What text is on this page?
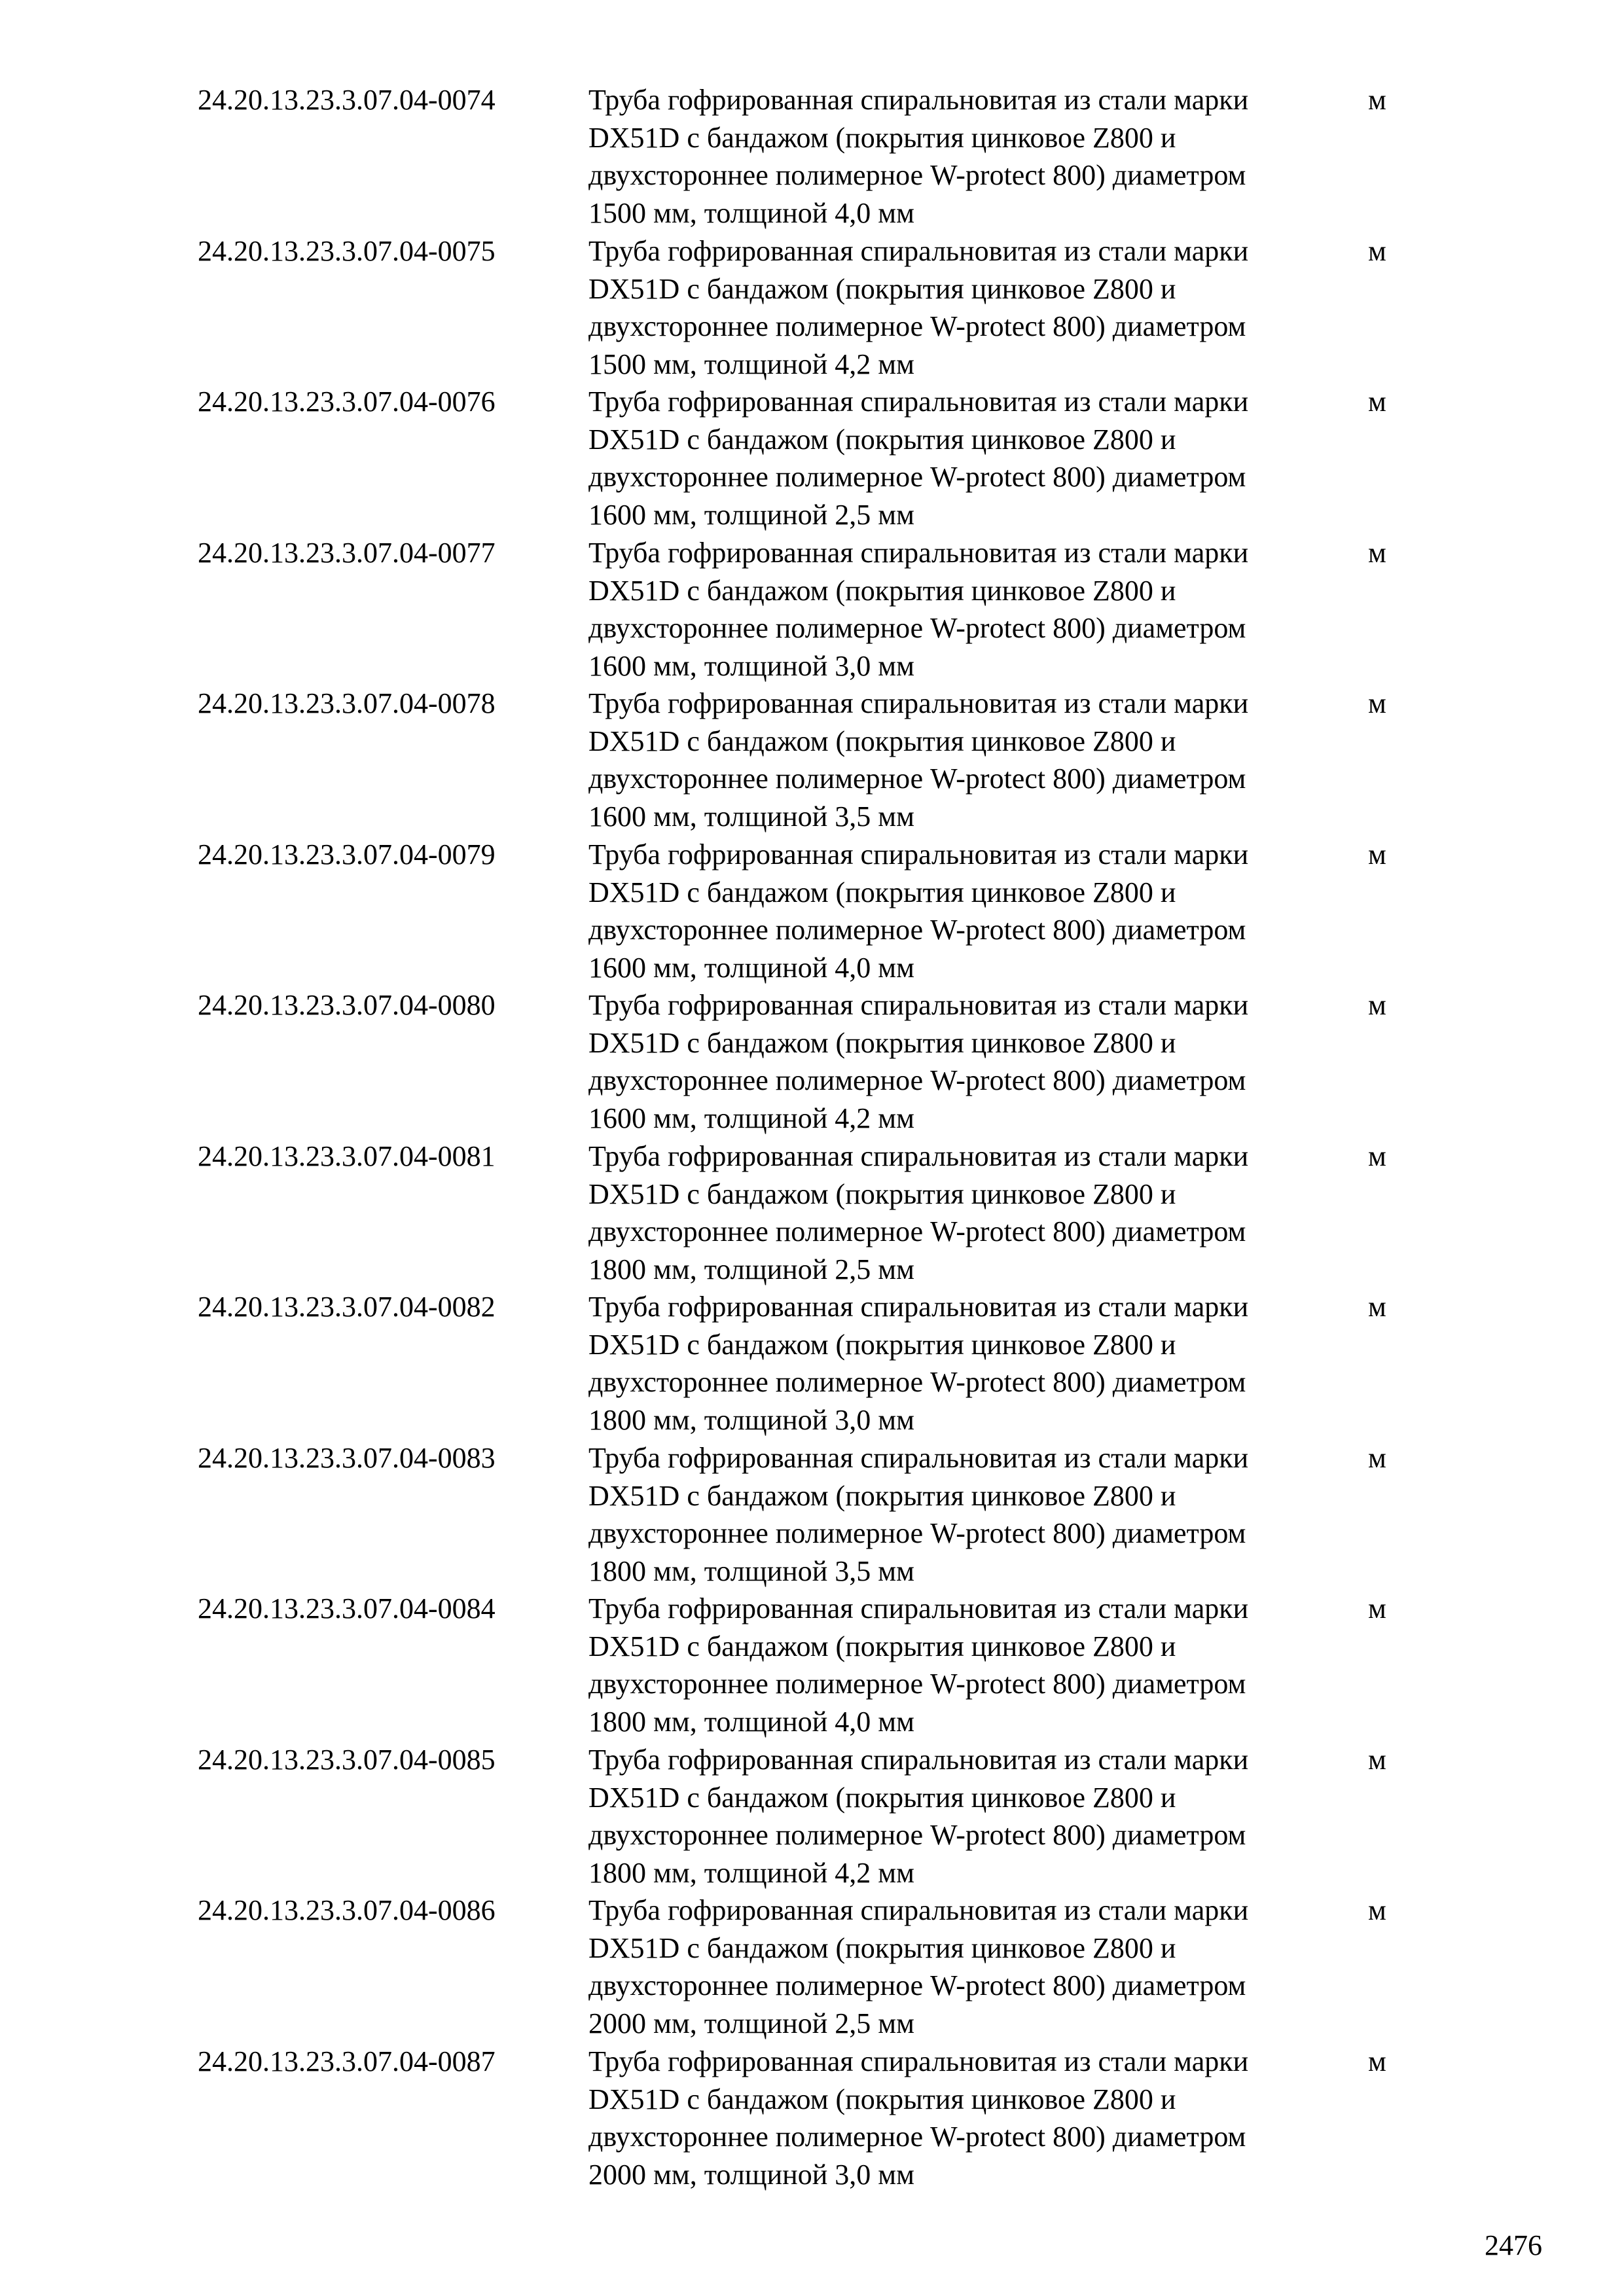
24.20.13.23.3.07.04-0074	Труба гофрированная спиральновитая из стали марки
DX51D с бандажом (покрытия цинковое Z800 и
двухстороннее полимерное W-protect 800) диаметром
1500 мм, толщиной 4,0 мм
м
24.20.13.23.3.07.04-0075	Труба гофрированная спиральновитая из стали марки
DX51D с бандажом (покрытия цинковое Z800 и
двухстороннее полимерное W-protect 800) диаметром
1500 мм, толщиной 4,2 мм
м
24.20.13.23.3.07.04-0076	Труба гофрированная спиральновитая из стали марки
DX51D с бандажом (покрытия цинковое Z800 и
двухстороннее полимерное W-protect 800) диаметром
1600 мм, толщиной 2,5 мм
м
24.20.13.23.3.07.04-0077	Труба гофрированная спиральновитая из стали марки
DX51D с бандажом (покрытия цинковое Z800 и
двухстороннее полимерное W-protect 800) диаметром
1600 мм, толщиной 3,0 мм
м
24.20.13.23.3.07.04-0078	Труба гофрированная спиральновитая из стали марки
DX51D с бандажом (покрытия цинковое Z800 и
двухстороннее полимерное W-protect 800) диаметром
1600 мм, толщиной 3,5 мм
м
24.20.13.23.3.07.04-0079	Труба гофрированная спиральновитая из стали марки
DX51D с бандажом (покрытия цинковое Z800 и
двухстороннее полимерное W-protect 800) диаметром
1600 мм, толщиной 4,0 мм
м
24.20.13.23.3.07.04-0080	Труба гофрированная спиральновитая из стали марки
DX51D с бандажом (покрытия цинковое Z800 и
двухстороннее полимерное W-protect 800) диаметром
1600 мм, толщиной 4,2 мм
м
24.20.13.23.3.07.04-0081	Труба гофрированная спиральновитая из стали марки
DX51D с бандажом (покрытия цинковое Z800 и
двухстороннее полимерное W-protect 800) диаметром
1800 мм, толщиной 2,5 мм
м
24.20.13.23.3.07.04-0082	Труба гофрированная спиральновитая из стали марки
DX51D с бандажом (покрытия цинковое Z800 и
двухстороннее полимерное W-protect 800) диаметром
1800 мм, толщиной 3,0 мм
м
24.20.13.23.3.07.04-0083	Труба гофрированная спиральновитая из стали марки
DX51D с бандажом (покрытия цинковое Z800 и
двухстороннее полимерное W-protect 800) диаметром
1800 мм, толщиной 3,5 мм
м
24.20.13.23.3.07.04-0084	Труба гофрированная спиральновитая из стали марки
DX51D с бандажом (покрытия цинковое Z800 и
двухстороннее полимерное W-protect 800) диаметром
1800 мм, толщиной 4,0 мм
м
24.20.13.23.3.07.04-0085	Труба гофрированная спиральновитая из стали марки
DX51D с бандажом (покрытия цинковое Z800 и
двухстороннее полимерное W-protect 800) диаметром
1800 мм, толщиной 4,2 мм
м
24.20.13.23.3.07.04-0086	Труба гофрированная спиральновитая из стали марки
DX51D с бандажом (покрытия цинковое Z800 и
двухстороннее полимерное W-protect 800) диаметром
2000 мм, толщиной 2,5 мм
м
24.20.13.23.3.07.04-0087	Труба гофрированная спиральновитая из стали марки
DX51D с бандажом (покрытия цинковое Z800 и
двухстороннее полимерное W-protect 800) диаметром
2000 мм, толщиной 3,0 мм
м
2476
